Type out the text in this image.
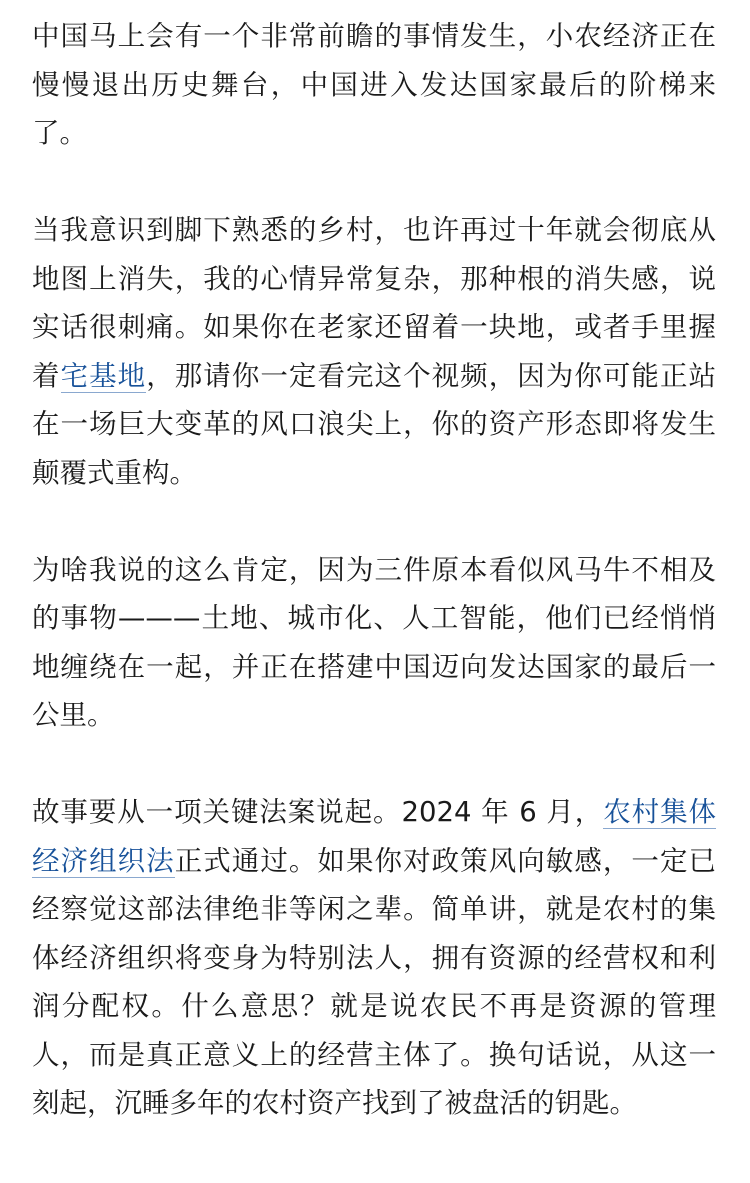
中国马上会有一个非常前瞻的事情发生，小农经济正在慢慢退出历史舞台，中国进入发达国家最后的阶梯来了。

当我意识到脚下熟悉的乡村，也许再过十年就会彻底从地图上消失，我的心情异常复杂，那种根的消失感，说实话很刺痛。如果你在老家还留着一块地，或者手里握着宅基地，那请你一定看完这个视频，因为你可能正站在一场巨大变革的风口浪尖上，你的资产形态即将发生颠覆式重构。

为啥我说的这么肯定，因为三件原本看似风马牛不相及的事物———土地、城市化、人工智能，他们已经悄悄地缠绕在一起，并正在搭建中国迈向发达国家的最后一公里。

故事要从一项关键法案说起。2024 年 6 月，农村集体经济组织法正式通过。如果你对政策风向敏感，一定已经察觉这部法律绝非等闲之辈。简单讲，就是农村的集体经济组织将变身为特别法人，拥有资源的经营权和利润分配权。什么意思？就是说农民不再是资源的管理人，而是真正意义上的经营主体了。换句话说，从这一刻起，沉睡多年的农村资产找到了被盘活的钥匙。
